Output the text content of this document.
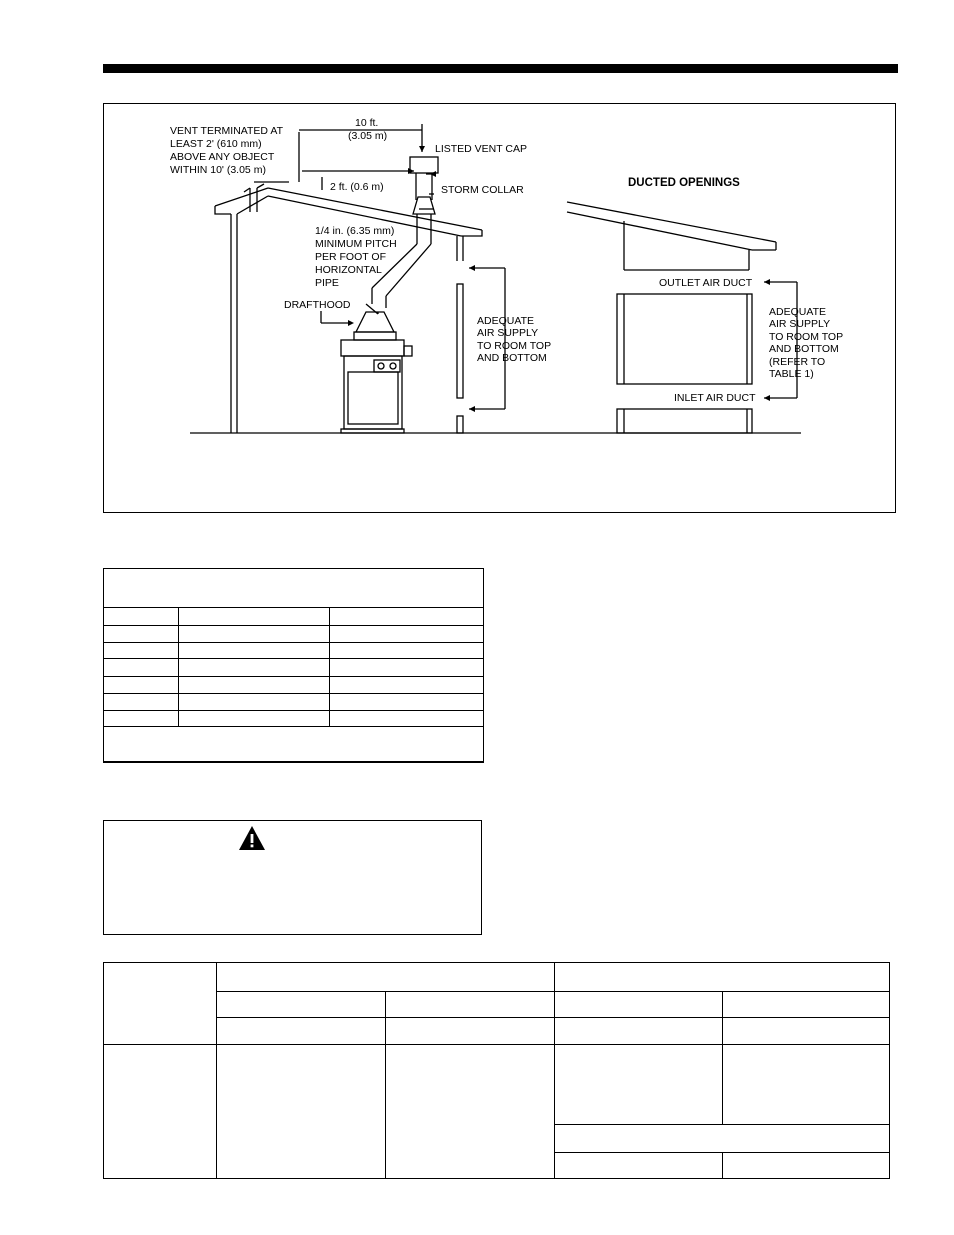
VENT TERMINATED AT
LEAST 2' (610 mm)
ABOVE ANY OBJECT
WITHIN 10' (3.05 m)
10 ft.
(3.05 m)
LISTED VENT CAP
2 ft. (0.6 m)	STORM COLLAR
1/4 in. (6.35 mm)
MINIMUM PITCH
PER FOOT OF
HORIZONTAL
PIPE
DRAFTHOOD
ADEQUATE
AIR SUPPLY
TO ROOM TOP
AND BOTTOM
DUCTED OPENINGS
OUTLET AIR DUCT
ADEQUATE
AIR SUPPLY
TO ROOM TOP
AND BOTTOM
(REFER TO
TABLE 1)
INLET AIR DUCT
